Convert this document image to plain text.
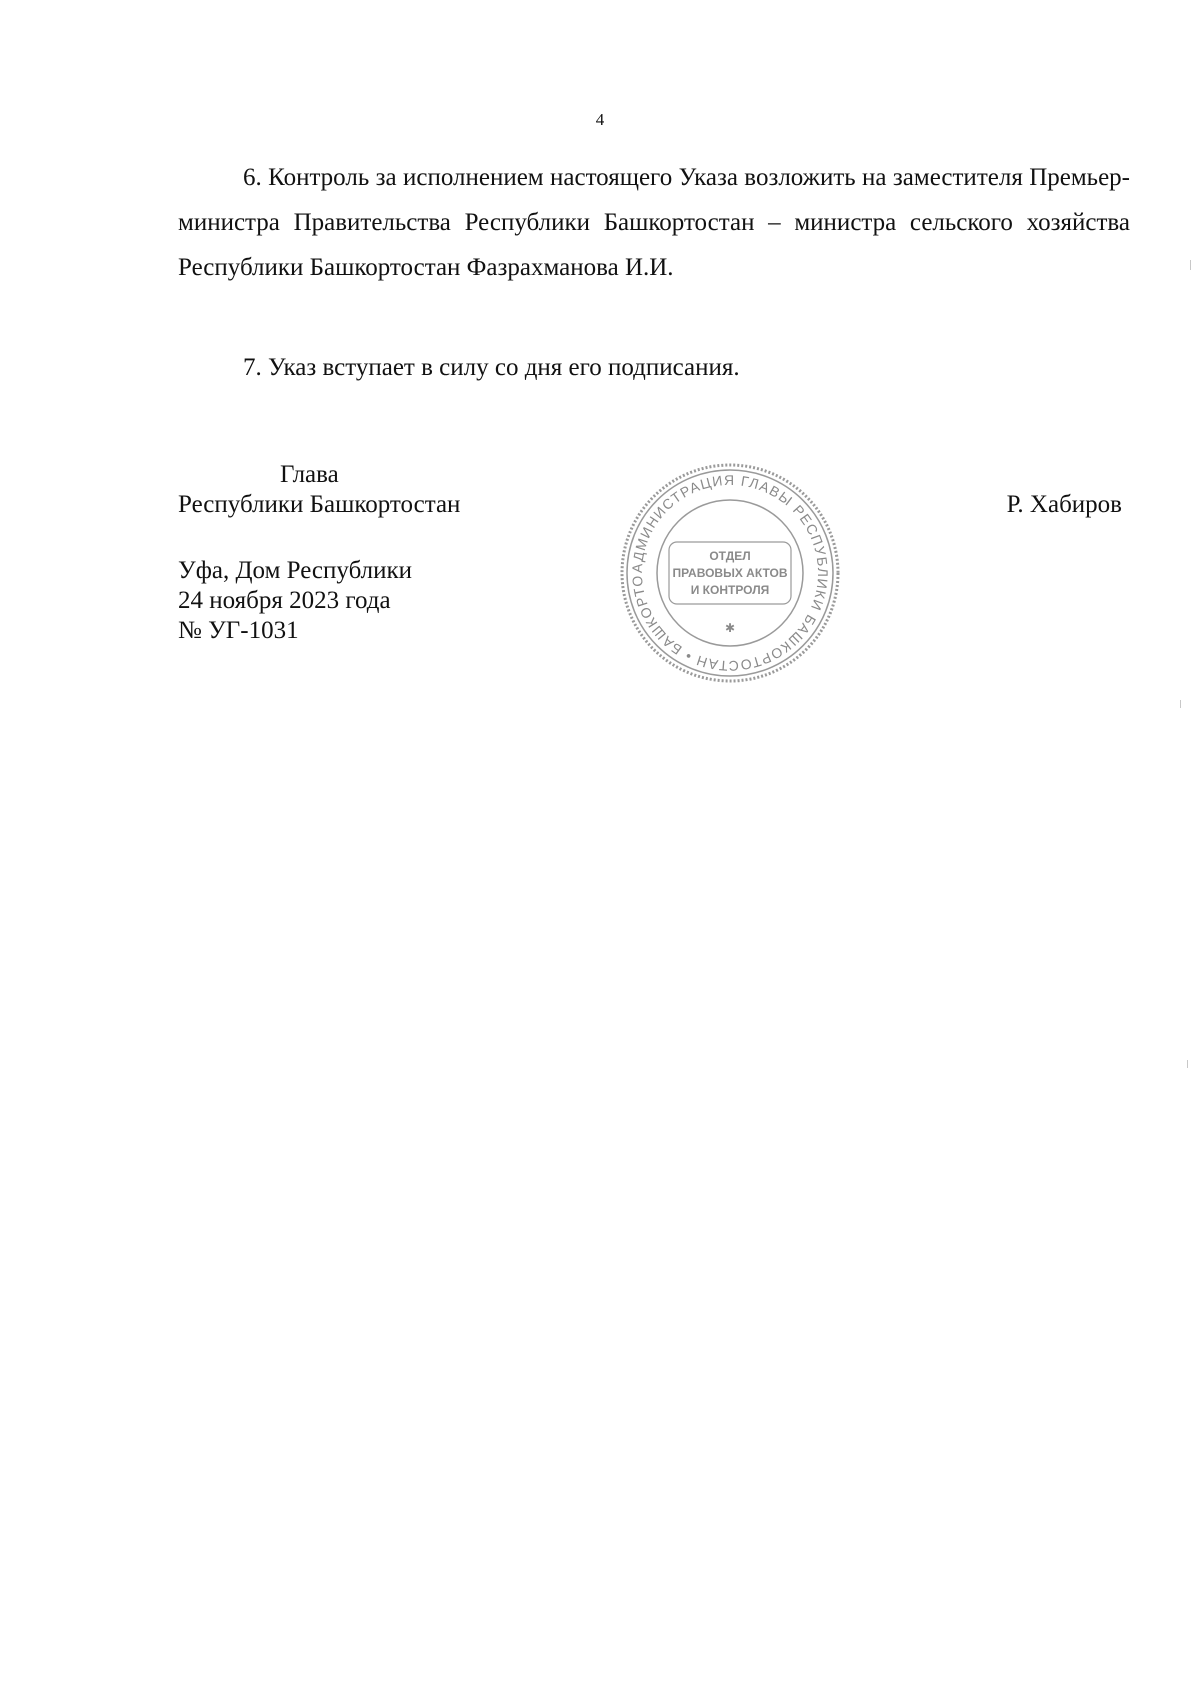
4
6. Контроль за исполнением настоящего Указа возложить на заместителя Премьер-министра Правительства Республики Башкортостан – министра сельского хозяйства Республики Башкортостан Фазрахманова И.И.
7. Указ вступает в силу со дня его подписания.
Глава
Республики Башкортостан
АДМИНИСТРАЦИЯ ГЛАВЫ РЕСПУБЛИКИ БАШКОРТОСТАН • БАШКОРТО
ОТДЕЛ
ПРАВОВЫХ АКТОВ
И КОНТРОЛЯ
✱
Р. Хабиров
Уфа, Дом Республики
24 ноября 2023 года
№ УГ-1031
